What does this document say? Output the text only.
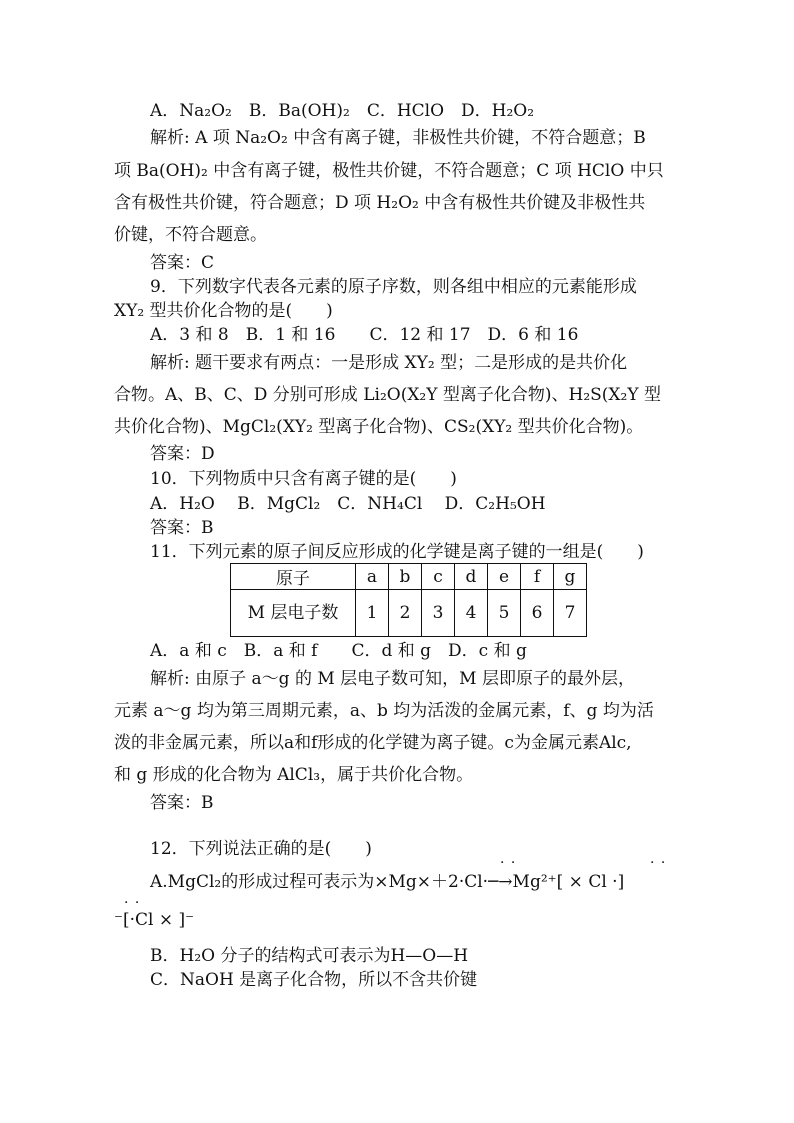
A．Na₂O₂　B．Ba(OH)₂　C．HClO　D．H₂O₂
解析: A 项 Na₂O₂ 中含有离子键，非极性共价键，不符合题意；B
项 Ba(OH)₂ 中含有离子键，极性共价键，不符合题意；C 项 HClO 中只
含有极性共价键，符合题意；D 项 H₂O₂ 中含有极性共价键及非极性共
价键，不符合题意。
答案：C
9．下列数字代表各元素的原子序数，则各组中相应的元素能形成
XY₂ 型共价化合物的是(　　)
A．3 和 8　B．1 和 16　　C．12 和 17　D．6 和 16
解析: 题干要求有两点：一是形成 XY₂ 型；二是形成的是共价化
合物。A、B、C、D 分别可形成 Li₂O(X₂Y 型离子化合物)、H₂S(X₂Y 型
共价化合物)、MgCl₂(XY₂ 型离子化合物)、CS₂(XY₂ 型共价化合物)。
答案：D
10．下列物质中只含有离子键的是(　　)
A．H₂O　 B．MgCl₂　C．NH₄Cl　 D．C₂H₅OH
答案：B
11．下列元素的原子间反应形成的化学键是离子键的一组是(　　)
原子	a	b	c	d	e	f	g
M 层电子数	1	2	3	4	5	6	7
A．a 和 c　B．a 和 f　　C．d 和 g　D．c 和 g
解析: 由原子 a～g 的 M 层电子数可知，M 层即原子的最外层，
元素 a～g 均为第三周期元素，a、b 均为活泼的金属元素，f、g 均为活
泼的非金属元素，所以a和f形成的化学键为离子键。c为金属元素Alc,
和 g 形成的化合物为 AlCl₃，属于共价化合物。
答案：B
12．下列说法正确的是(　　)
· ·	· ·
A.MgCl₂的形成过程可表示为×Mg×＋2·Cl·─→Mg²⁺[ × Cl ·]
· ·
⁻[·Cl × ]⁻
B．H₂O 分子的结构式可表示为H—O—H
C．NaOH 是离子化合物，所以不含共价键
